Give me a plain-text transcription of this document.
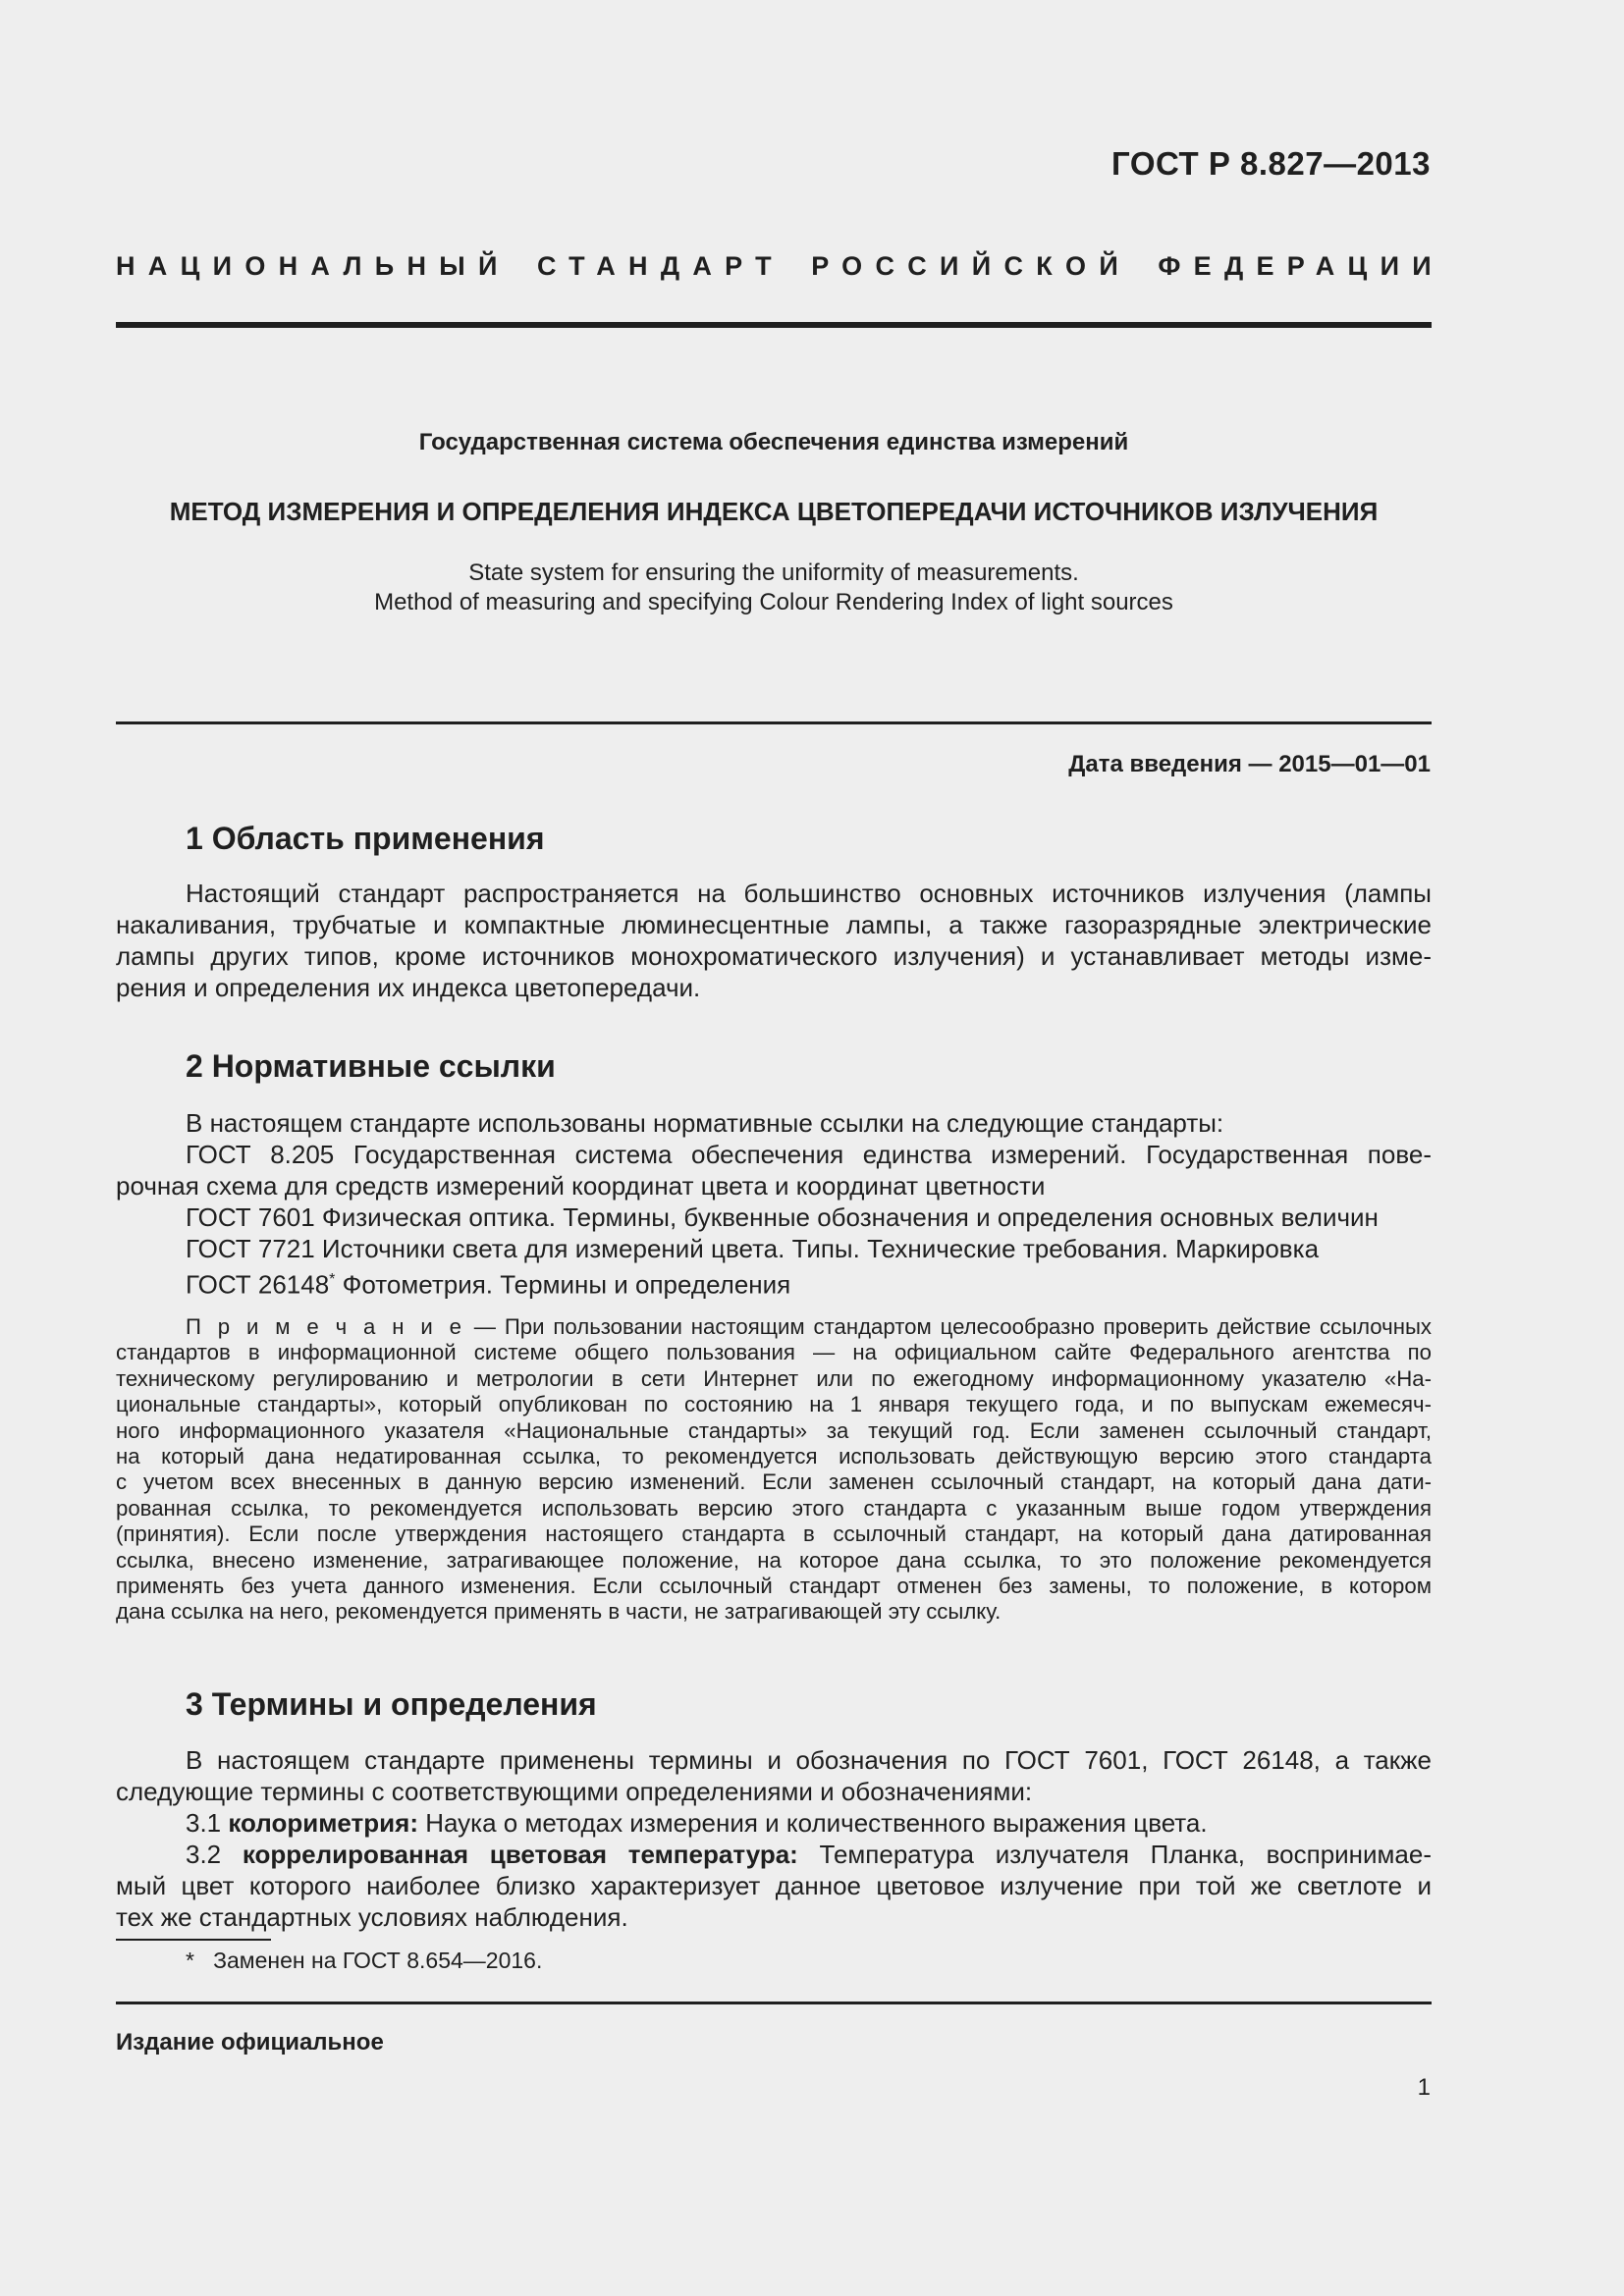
ГОСТ Р 8.827—2013
НАЦИОНАЛЬНЫЙ СТАНДАРТ РОССИЙСКОЙ ФЕДЕРАЦИИ
Государственная система обеспечения единства измерений
МЕТОД ИЗМЕРЕНИЯ И ОПРЕДЕЛЕНИЯ ИНДЕКСА ЦВЕТОПЕРЕДАЧИ ИСТОЧНИКОВ ИЗЛУЧЕНИЯ
State system for ensuring the uniformity of measurements.
Method of measuring and specifying Colour Rendering Index of light sources
Дата введения — 2015—01—01
1 Область применения
Настоящий стандарт распространяется на большинство основных источников излучения (лампы
накаливания, трубчатые и компактные люминесцентные лампы, а также газоразрядные электрические
лампы других типов, кроме источников монохроматического излучения) и устанавливает методы изме-
рения и определения их индекса цветопередачи.
2 Нормативные ссылки
В настоящем стандарте использованы нормативные ссылки на следующие стандарты:
ГОСТ 8.205 Государственная система обеспечения единства измерений. Государственная пове-
рочная схема для средств измерений координат цвета и координат цветности
ГОСТ 7601 Физическая оптика. Термины, буквенные обозначения и определения основных величин
ГОСТ 7721 Источники света для измерений цвета. Типы. Технические требования. Маркировка
ГОСТ 26148* Фотометрия. Термины и определения
П р и м е ч а н и е — При пользовании настоящим стандартом целесообразно проверить действие ссылочных
стандартов в информационной системе общего пользования — на официальном сайте Федерального агентства по
техническому регулированию и метрологии в сети Интернет или по ежегодному информационному указателю «На-
циональные стандарты», который опубликован по состоянию на 1 января текущего года, и по выпускам ежемесяч-
ного информационного указателя «Национальные стандарты» за текущий год. Если заменен ссылочный стандарт,
на который дана недатированная ссылка, то рекомендуется использовать действующую версию этого стандарта
с учетом всех внесенных в данную версию изменений. Если заменен ссылочный стандарт, на который дана дати-
рованная ссылка, то рекомендуется использовать версию этого стандарта с указанным выше годом утверждения
(принятия). Если после утверждения настоящего стандарта в ссылочный стандарт, на который дана датированная
ссылка, внесено изменение, затрагивающее положение, на которое дана ссылка, то это положение рекомендуется
применять без учета данного изменения. Если ссылочный стандарт отменен без замены, то положение, в котором
дана ссылка на него, рекомендуется применять в части, не затрагивающей эту ссылку.
3 Термины и определения
В настоящем стандарте применены термины и обозначения по ГОСТ 7601, ГОСТ 26148, а также
следующие термины с соответствующими определениями и обозначениями:
3.1 колориметрия: Наука о методах измерения и количественного выражения цвета.
3.2 коррелированная цветовая температура: Температура излучателя Планка, воспринимае-
мый цвет которого наиболее близко характеризует данное цветовое излучение при той же светлоте и
тех же стандартных условиях наблюдения.
* Заменен на ГОСТ 8.654—2016.
Издание официальное
1
